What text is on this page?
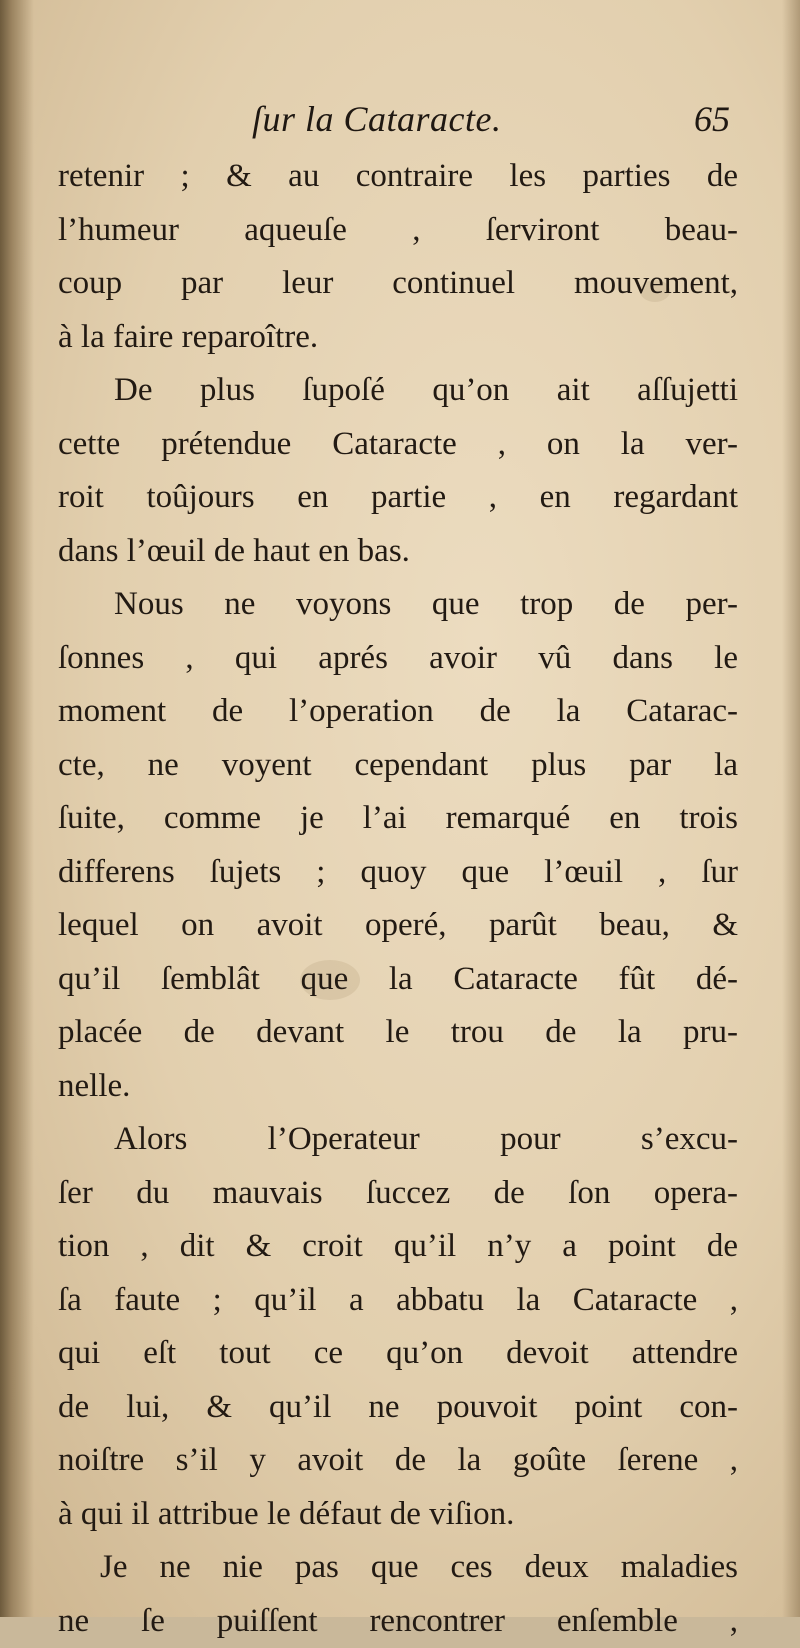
ſur la Cataracte.	65
retenir ; & au contraire les parties de
l’humeur aqueuſe , ſerviront beau-
coup par leur continuel mouvement,
à la faire reparoître.
De plus ſupoſé qu’on ait aſſujetti
cette prétendue Cataracte , on la ver-
roit toûjours en partie , en regardant
dans l’œuil de haut en bas.
Nous ne voyons que trop de per-
ſonnes , qui aprés avoir vû dans le
moment de l’operation de la Catarac-
cte, ne voyent cependant plus par la
ſuite, comme je l’ai remarqué en trois
differens ſujets ; quoy que l’œuil , ſur
lequel on avoit operé, parût beau, &
qu’il ſemblât que la Cataracte fût dé-
placée de devant le trou de la pru-
nelle.
Alors l’Operateur pour s’excu-
ſer du mauvais ſuccez de ſon opera-
tion , dit & croit qu’il n’y a point de
ſa faute ; qu’il a abbatu la Cataracte ,
qui eſt tout ce qu’on devoit attendre
de lui, & qu’il ne pouvoit point con-
noiſtre s’il y avoit de la goûte ſerene ,
à qui il attribue le défaut de viſion.
Je ne nie pas que ces deux maladies
ne ſe puiſſent rencontrer enſemble ,
